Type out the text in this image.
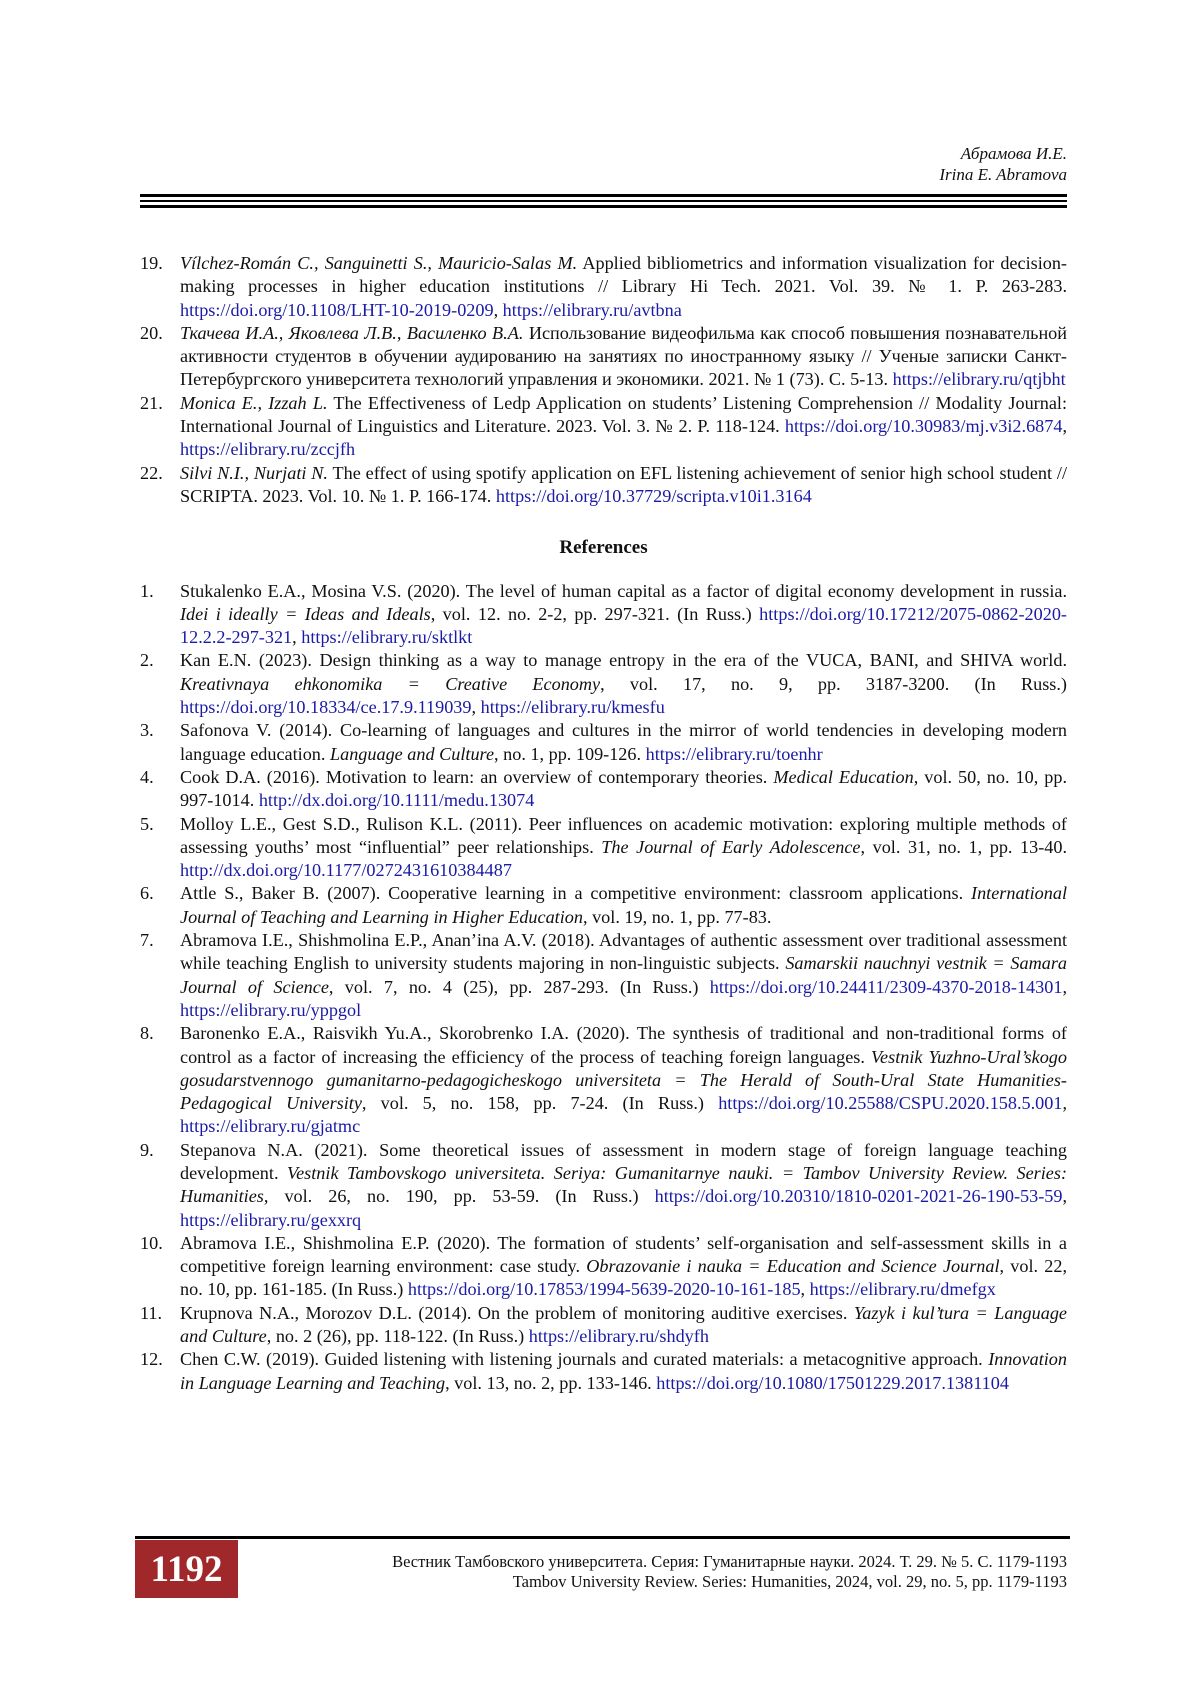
Абрамова И.Е.
Irina E. Abramova
19. Vílchez-Román C., Sanguinetti S., Mauricio-Salas M. Applied bibliometrics and information visualization for decision-making processes in higher education institutions // Library Hi Tech. 2021. Vol. 39. № 1. P. 263-283. https://doi.org/10.1108/LHT-10-2019-0209, https://elibrary.ru/avtbna
20. Ткачева И.А., Яковлева Л.В., Василенко В.А. Использование видеофильма как способ повышения познавательной активности студентов в обучении аудированию на занятиях по иностранному языку // Ученые записки Санкт-Петербургского университета технологий управления и экономики. 2021. № 1 (73). С. 5-13. https://elibrary.ru/qtjbht
21. Monica E., Izzah L. The Effectiveness of Ledp Application on students’ Listening Comprehension // Modality Journal: International Journal of Linguistics and Literature. 2023. Vol. 3. № 2. P. 118-124. https://doi.org/10.30983/mj.v3i2.6874, https://elibrary.ru/zccjfh
22. Silvi N.I., Nurjati N. The effect of using spotify application on EFL listening achievement of senior high school student // SCRIPTA. 2023. Vol. 10. № 1. P. 166-174. https://doi.org/10.37729/scripta.v10i1.3164
References
1. Stukalenko E.A., Mosina V.S. (2020). The level of human capital as a factor of digital economy development in russia. Idei i ideally = Ideas and Ideals, vol. 12. no. 2-2, pp. 297-321. (In Russ.) https://doi.org/10.17212/2075-0862-2020-12.2.2-297-321, https://elibrary.ru/sktlkt
2. Kan E.N. (2023). Design thinking as a way to manage entropy in the era of the VUCA, BANI, and SHIVA world. Kreativnaya ehkonomika = Creative Economy, vol. 17, no. 9, pp. 3187-3200. (In Russ.) https://doi.org/10.18334/ce.17.9.119039, https://elibrary.ru/kmesfu
3. Safonova V. (2014). Co-learning of languages and cultures in the mirror of world tendencies in developing modern language education. Language and Culture, no. 1, pp. 109-126. https://elibrary.ru/toenhr
4. Cook D.A. (2016). Motivation to learn: an overview of contemporary theories. Medical Education, vol. 50, no. 10, pp. 997-1014. http://dx.doi.org/10.1111/medu.13074
5. Molloy L.E., Gest S.D., Rulison K.L. (2011). Peer influences on academic motivation: exploring multiple methods of assessing youths’ most “influential” peer relationships. The Journal of Early Adolescence, vol. 31, no. 1, pp. 13-40. http://dx.doi.org/10.1177/0272431610384487
6. Attle S., Baker B. (2007). Cooperative learning in a competitive environment: classroom applications. International Journal of Teaching and Learning in Higher Education, vol. 19, no. 1, pp. 77-83.
7. Abramova I.E., Shishmolina E.P., Anan’ina A.V. (2018). Advantages of authentic assessment over traditional assessment while teaching English to university students majoring in non-linguistic subjects. Samarskii nauchnyi vestnik = Samara Journal of Science, vol. 7, no. 4 (25), pp. 287-293. (In Russ.) https://doi.org/10.24411/2309-4370-2018-14301, https://elibrary.ru/yppgol
8. Baronenko E.A., Raisvikh Yu.A., Skorobrenko I.A. (2020). The synthesis of traditional and non-traditional forms of control as a factor of increasing the efficiency of the process of teaching foreign languages. Vestnik Yuzhno-Ural’skogo gosudarstvennogo gumanitarno-pedagogicheskogo universiteta = The Herald of South-Ural State Humanities-Pedagogical University, vol. 5, no. 158, pp. 7-24. (In Russ.) https://doi.org/10.25588/CSPU.2020.158.5.001, https://elibrary.ru/gjatmc
9. Stepanova N.A. (2021). Some theoretical issues of assessment in modern stage of foreign language teaching development. Vestnik Tambovskogo universiteta. Seriya: Gumanitarnye nauki. = Tambov University Review. Series: Humanities, vol. 26, no. 190, pp. 53-59. (In Russ.) https://doi.org/10.20310/1810-0201-2021-26-190-53-59, https://elibrary.ru/gexxrq
10. Abramova I.E., Shishmolina E.P. (2020). The formation of students’ self-organisation and self-assessment skills in a competitive foreign learning environment: case study. Obrazovanie i nauka = Education and Science Journal, vol. 22, no. 10, pp. 161-185. (In Russ.) https://doi.org/10.17853/1994-5639-2020-10-161-185, https://elibrary.ru/dmefgx
11. Krupnova N.A., Morozov D.L. (2014). On the problem of monitoring auditive exercises. Yazyk i kul’tura = Language and Culture, no. 2 (26), pp. 118-122. (In Russ.) https://elibrary.ru/shdyfh
12. Chen C.W. (2019). Guided listening with listening journals and curated materials: a metacognitive approach. Innovation in Language Learning and Teaching, vol. 13, no. 2, pp. 133-146. https://doi.org/10.1080/17501229.2017.1381104
1192	Вестник Тамбовского университета. Серия: Гуманитарные науки. 2024. Т. 29. № 5. С. 1179-1193
Tambov University Review. Series: Humanities, 2024, vol. 29, no. 5, pp. 1179-1193
